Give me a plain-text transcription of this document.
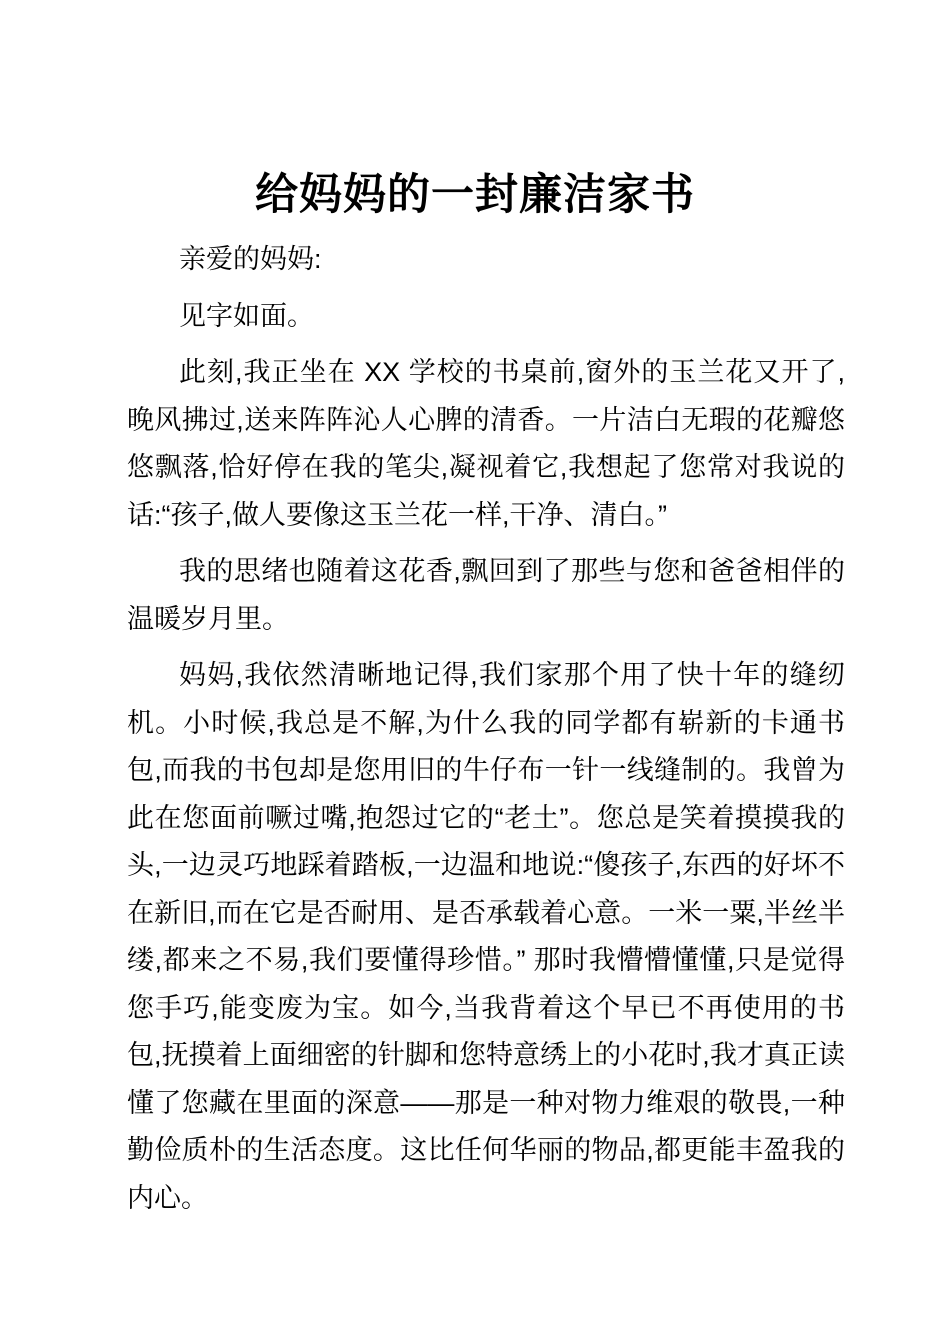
给妈妈的一封廉洁家书

亲爱的妈妈:

见字如面。

此刻,我正坐在 XX 学校的书桌前,窗外的玉兰花又开了,晚风拂过,送来阵阵沁人心脾的清香。一片洁白无瑕的花瓣悠悠飘落,恰好停在我的笔尖,凝视着它,我想起了您常对我说的话:“孩子,做人要像这玉兰花一样,干净、清白。”

我的思绪也随着这花香,飘回到了那些与您和爸爸相伴的温暖岁月里。

妈妈,我依然清晰地记得,我们家那个用了快十年的缝纫机。小时候,我总是不解,为什么我的同学都有崭新的卡通书包,而我的书包却是您用旧的牛仔布一针一线缝制的。我曾为此在您面前噘过嘴,抱怨过它的“老土”。您总是笑着摸摸我的头,一边灵巧地踩着踏板,一边温和地说:“傻孩子,东西的好坏不在新旧,而在它是否耐用、是否承载着心意。一米一粟,半丝半缕,都来之不易,我们要懂得珍惜。” 那时我懵懵懂懂,只是觉得您手巧,能变废为宝。如今,当我背着这个早已不再使用的书包,抚摸着上面细密的针脚和您特意绣上的小花时,我才真正读懂了您藏在里面的深意——那是一种对物力维艰的敬畏,一种勤俭质朴的生活态度。这比任何华丽的物品,都更能丰盈我的内心。
